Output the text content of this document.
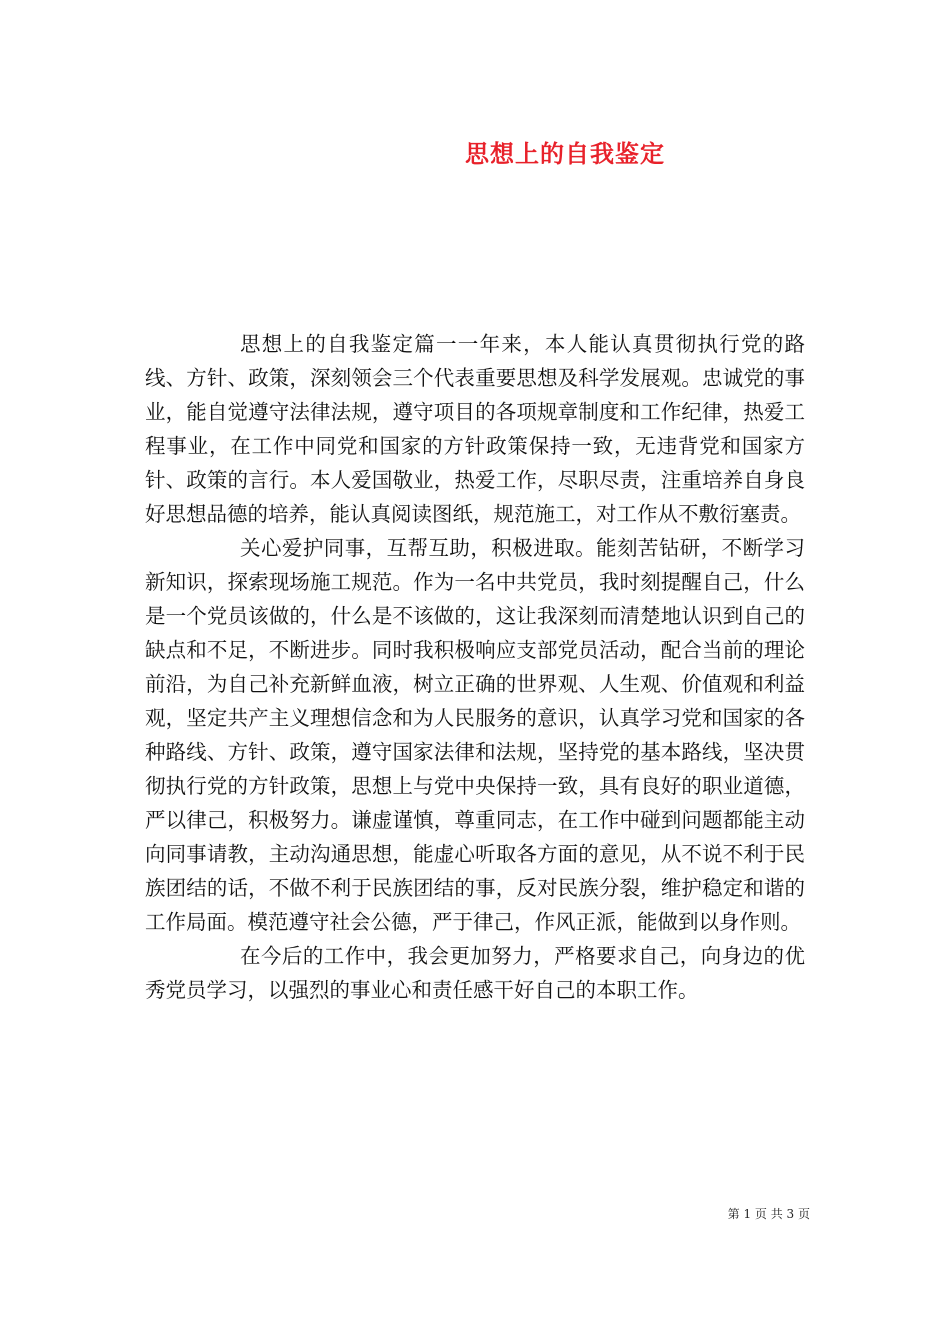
思想上的自我鉴定

思想上的自我鉴定篇一一年来，本人能认真贯彻执行党的路线、方针、政策，深刻领会三个代表重要思想及科学发展观。忠诚党的事业，能自觉遵守法律法规，遵守项目的各项规章制度和工作纪律，热爱工程事业，在工作中同党和国家的方针政策保持一致，无违背党和国家方针、政策的言行。本人爱国敬业，热爱工作，尽职尽责，注重培养自身良好思想品德的培养，能认真阅读图纸，规范施工，对工作从不敷衍塞责。

关心爱护同事，互帮互助，积极进取。能刻苦钻研，不断学习新知识，探索现场施工规范。作为一名中共党员，我时刻提醒自己，什么是一个党员该做的，什么是不该做的，这让我深刻而清楚地认识到自己的缺点和不足，不断进步。同时我积极响应支部党员活动，配合当前的理论前沿，为自己补充新鲜血液，树立正确的世界观、人生观、价值观和利益观，坚定共产主义理想信念和为人民服务的意识，认真学习党和国家的各种路线、方针、政策，遵守国家法律和法规，坚持党的基本路线，坚决贯彻执行党的方针政策，思想上与党中央保持一致，具有良好的职业道德，严以律己，积极努力。谦虚谨慎，尊重同志，在工作中碰到问题都能主动向同事请教，主动沟通思想，能虚心听取各方面的意见，从不说不利于民族团结的话，不做不利于民族团结的事，反对民族分裂，维护稳定和谐的工作局面。模范遵守社会公德，严于律己，作风正派，能做到以身作则。

在今后的工作中，我会更加努力，严格要求自己，向身边的优秀党员学习，以强烈的事业心和责任感干好自己的本职工作。

第 1 页 共 3 页
